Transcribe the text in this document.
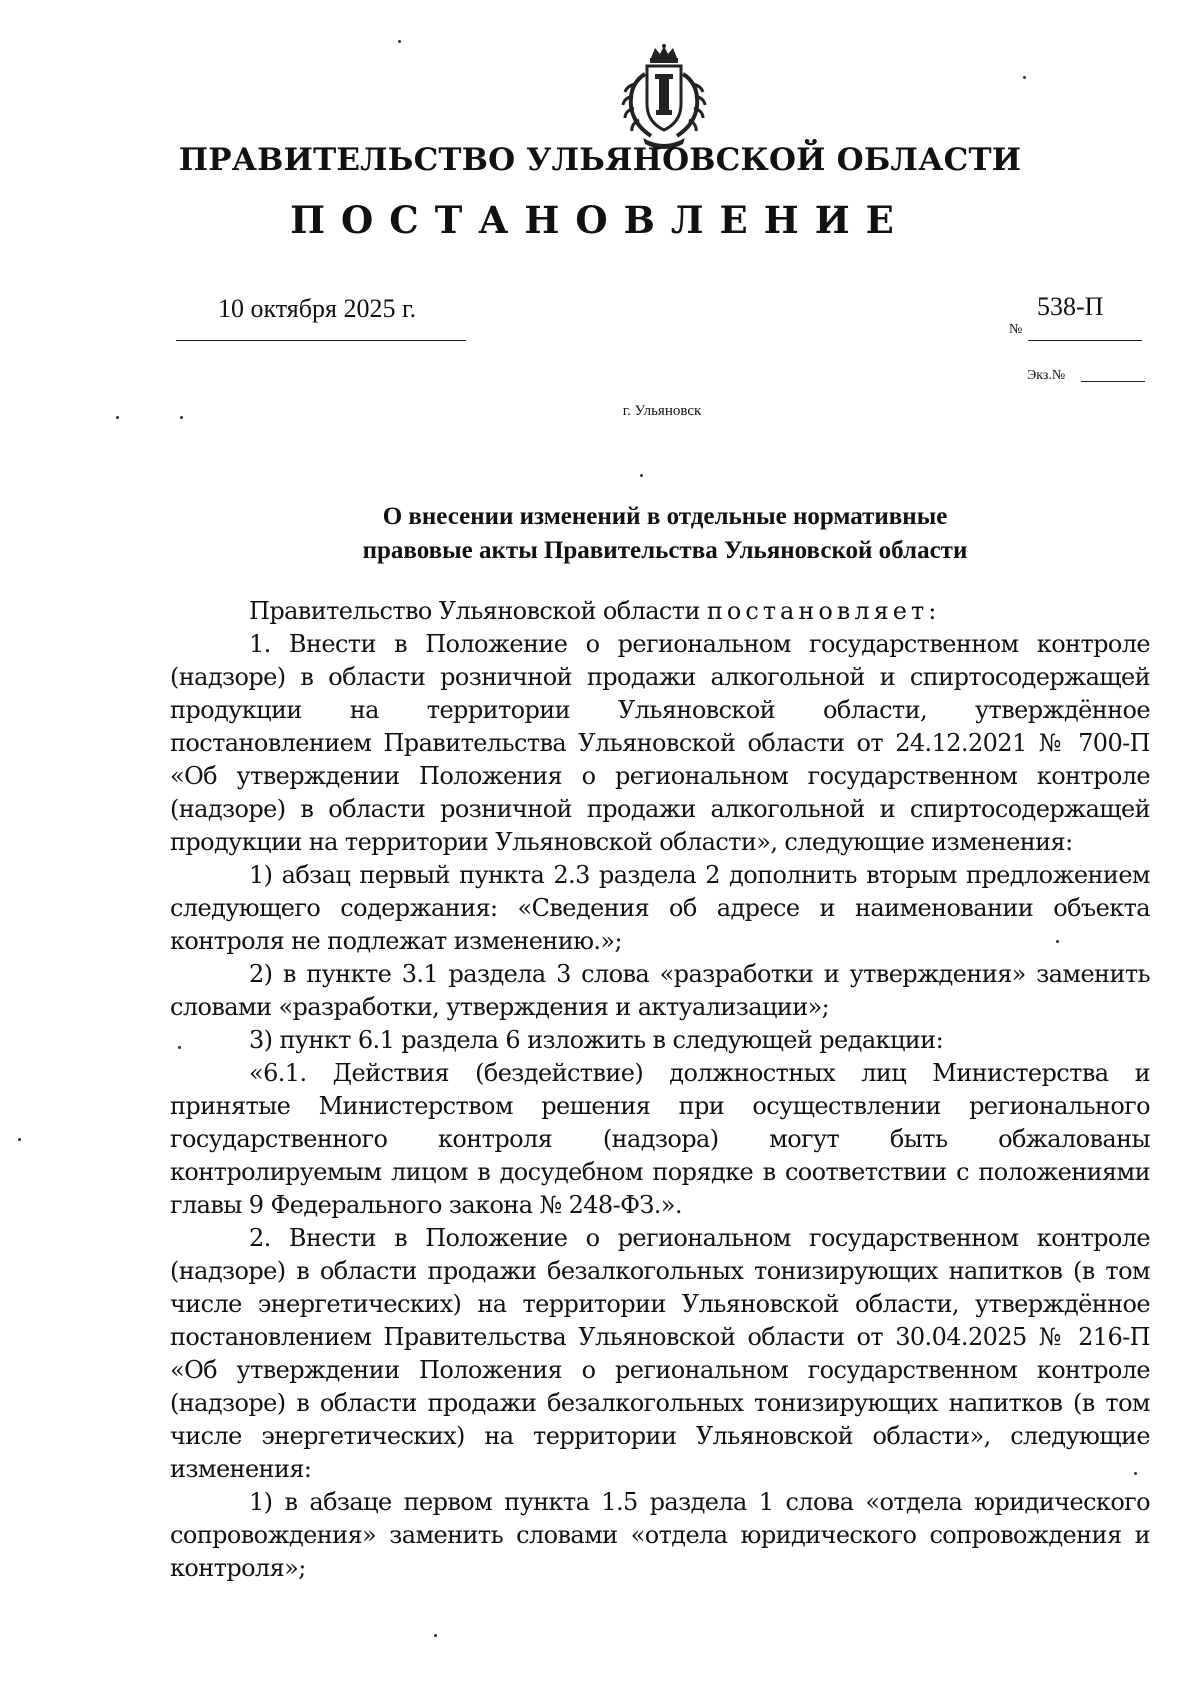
ПРАВИТЕЛЬСТВО УЛЬЯНОВСКОЙ ОБЛАСТИ
ПОСТАНОВЛЕНИЕ
10 октября 2025 г.	538-П
№
Экз.№
г. Ульяновск
О внесении изменений в отдельные нормативные
правовые акты Правительства Ульяновской области

Правительство Ульяновской области постановляет:

1. Внести в Положение о региональном государственном контроле (надзоре) в области розничной продажи алкогольной и спиртосодержащей продукции на территории Ульяновской области, утверждённое постановлением Правительства Ульяновской области от 24.12.2021 № 700-П «Об утверждении Положения о региональном государственном контроле (надзоре) в области розничной продажи алкогольной и спиртосодержащей продукции на территории Ульяновской области», следующие изменения:

1) абзац первый пункта 2.3 раздела 2 дополнить вторым предложением следующего содержания: «Сведения об адресе и наименовании объекта контроля не подлежат изменению.»;

2) в пункте 3.1 раздела 3 слова «разработки и утверждения» заменить словами «разработки, утверждения и актуализации»;

3) пункт 6.1 раздела 6 изложить в следующей редакции:

«6.1. Действия (бездействие) должностных лиц Министерства и принятые Министерством решения при осуществлении регионального государственного контроля (надзора) могут быть обжалованы контролируемым лицом в досудебном порядке в соответствии с положениями главы 9 Федерального закона № 248-ФЗ.».

2. Внести в Положение о региональном государственном контроле (надзоре) в области продажи безалкогольных тонизирующих напитков (в том числе энергетических) на территории Ульяновской области, утверждённое постановлением Правительства Ульяновской области от 30.04.2025 № 216-П «Об утверждении Положения о региональном государственном контроле (надзоре) в области продажи безалкогольных тонизирующих напитков (в том числе энергетических) на территории Ульяновской области», следующие изменения:

1) в абзаце первом пункта 1.5 раздела 1 слова «отдела юридического сопровождения» заменить словами «отдела юридического сопровождения и контроля»;
